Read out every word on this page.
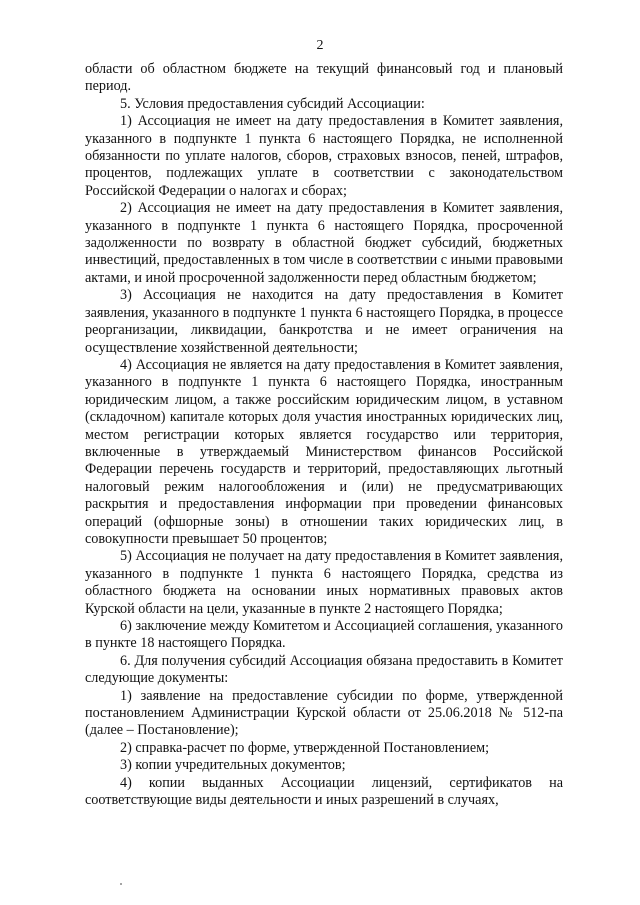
2

области об областном бюджете на текущий финансовый год и плановый период.

5. Условия предоставления субсидий Ассоциации:

1) Ассоциация не имеет на дату предоставления в Комитет заявления, указанного в подпункте 1 пункта 6 настоящего Порядка, не исполненной обязанности по уплате налогов, сборов, страховых взносов, пеней, штрафов, процентов, подлежащих уплате в соответствии с законодательством Российской Федерации о налогах и сборах;

2) Ассоциация не имеет на дату предоставления в Комитет заявления, указанного в подпункте 1 пункта 6 настоящего Порядка, просроченной задолженности по возврату в областной бюджет субсидий, бюджетных инвестиций, предоставленных в том числе в соответствии с иными правовыми актами, и иной просроченной задолженности перед областным бюджетом;

3) Ассоциация не находится на дату предоставления в Комитет заявления, указанного в подпункте 1 пункта 6 настоящего Порядка, в процессе реорганизации, ликвидации, банкротства и не имеет ограничения на осуществление хозяйственной деятельности;

4) Ассоциация не является на дату предоставления в Комитет заявления, указанного в подпункте 1 пункта 6 настоящего Порядка, иностранным юридическим лицом, а также российским юридическим лицом, в уставном (складочном) капитале которых доля участия иностранных юридических лиц, местом регистрации которых является государство или территория, включенные в утверждаемый Министерством финансов Российской Федерации перечень государств и территорий, предоставляющих льготный налоговый режим налогообложения и (или) не предусматривающих раскрытия и предоставления информации при проведении финансовых операций (офшорные зоны) в отношении таких юридических лиц, в совокупности превышает 50 процентов;

5) Ассоциация не получает на дату предоставления в Комитет заявления, указанного в подпункте 1 пункта 6 настоящего Порядка, средства из областного бюджета на основании иных нормативных правовых актов Курской области на цели, указанные в пункте 2 настоящего Порядка;

6) заключение между Комитетом и Ассоциацией соглашения, указанного в пункте 18 настоящего Порядка.

6. Для получения субсидий Ассоциация обязана предоставить в Комитет следующие документы:

1) заявление на предоставление субсидии по форме, утвержденной постановлением Администрации Курской области от 25.06.2018 № 512-па (далее – Постановление);

2) справка-расчет по форме, утвержденной Постановлением;

3) копии учредительных документов;

4) копии выданных Ассоциации лицензий, сертификатов на соответствующие виды деятельности и иных разрешений в случаях,
